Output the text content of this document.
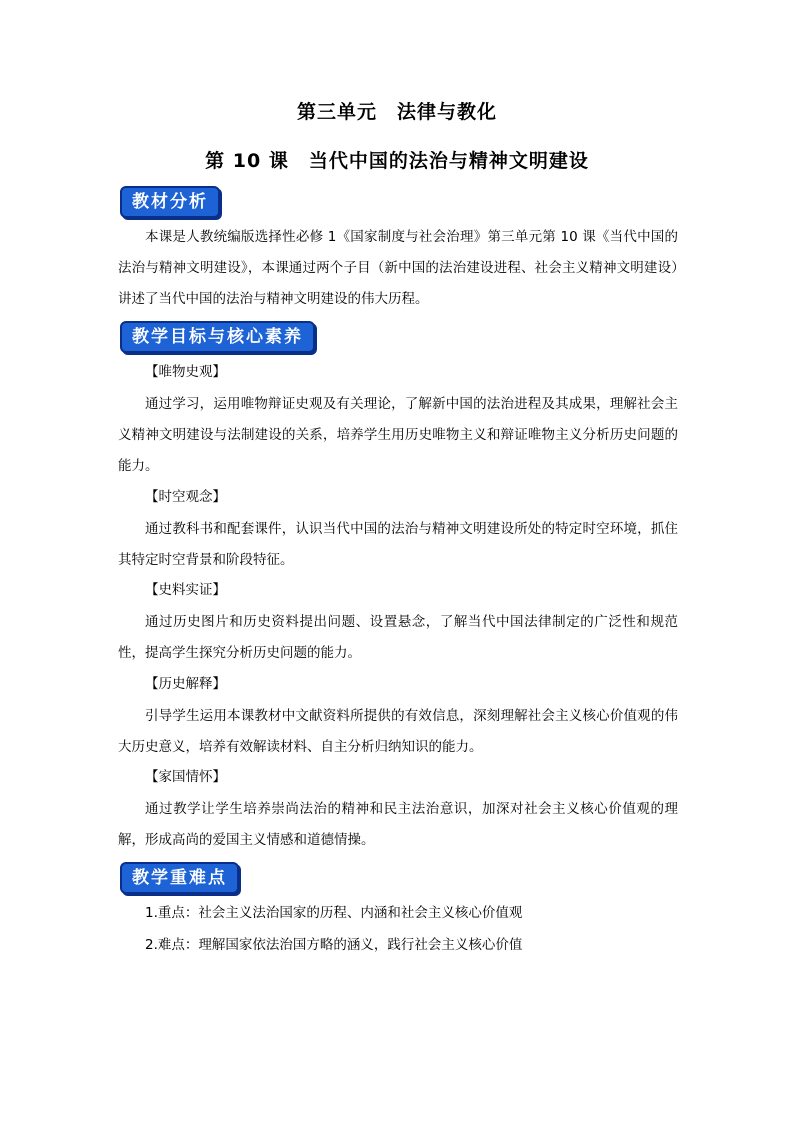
第三单元　法律与教化
第 10 课　当代中国的法治与精神文明建设
教材分析
本课是人教统编版选择性必修 1《国家制度与社会治理》第三单元第 10 课《当代中国的法治与精神文明建设》，本课通过两个子目（新中国的法治建设进程、社会主义精神文明建设）讲述了当代中国的法治与精神文明建设的伟大历程。
教学目标与核心素养
【唯物史观】
通过学习，运用唯物辩证史观及有关理论，了解新中国的法治进程及其成果，理解社会主义精神文明建设与法制建设的关系，培养学生用历史唯物主义和辩证唯物主义分析历史问题的能力。
【时空观念】
通过教科书和配套课件，认识当代中国的法治与精神文明建设所处的特定时空环境，抓住其特定时空背景和阶段特征。
【史料实证】
通过历史图片和历史资料提出问题、设置悬念，了解当代中国法律制定的广泛性和规范性，提高学生探究分析历史问题的能力。
【历史解释】
引导学生运用本课教材中文献资料所提供的有效信息，深刻理解社会主义核心价值观的伟大历史意义，培养有效解读材料、自主分析归纳知识的能力。
【家国情怀】
通过教学让学生培养崇尚法治的精神和民主法治意识，加深对社会主义核心价值观的理解，形成高尚的爱国主义情感和道德情操。
教学重难点
1.重点：社会主义法治国家的历程、内涵和社会主义核心价值观
2.难点：理解国家依法治国方略的涵义，践行社会主义核心价值
